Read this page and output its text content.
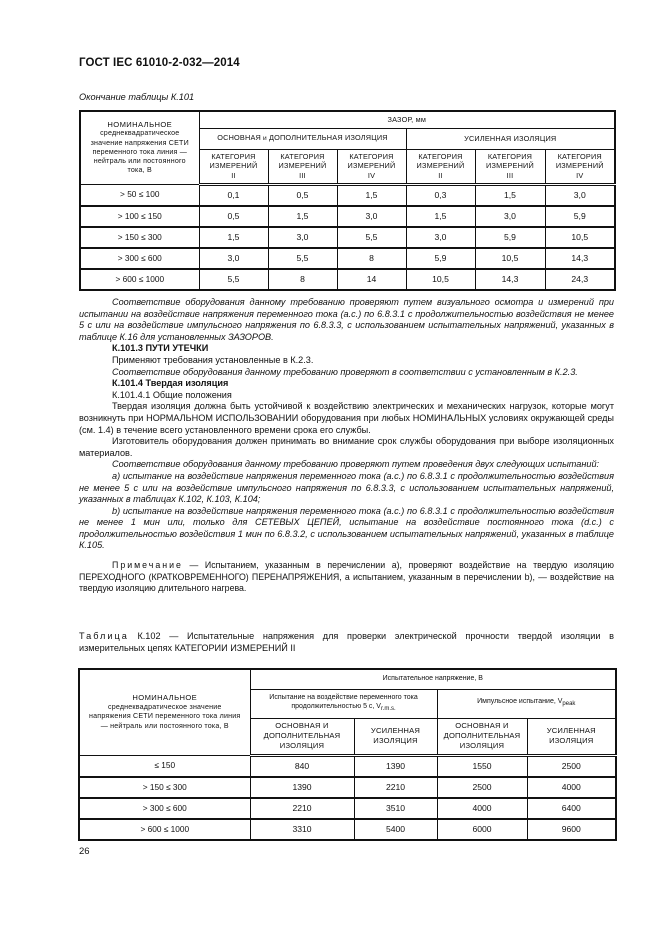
ГОСТ IEC 61010-2-032—2014
Окончание таблицы К.101
НОМИНАЛЬНОЕ
среднеквадратическое значение напряжения СЕТИ переменного тока линия — нейтраль или постоянного тока, В	ЗАЗОР, мм					
	ОСНОВНАЯ и ДОПОЛНИТЕЛЬНАЯ ИЗОЛЯЦИЯ			УСИЛЕННАЯ ИЗОЛЯЦИЯ		

КАТЕГОРИЯ
ИЗМЕРЕНИЙ
II

КАТЕГОРИЯ
ИЗМЕРЕНИЙ
III

КАТЕГОРИЯ
ИЗМЕРЕНИЙ
IV

КАТЕГОРИЯ
ИЗМЕРЕНИЙ
II

КАТЕГОРИЯ
ИЗМЕРЕНИЙ
III

КАТЕГОРИЯ
ИЗМЕРЕНИЙ
IV

> 50 ≤ 100	0,1	0,5	1,5	0,3	1,5	3,0
> 100 ≤ 150	0,5	1,5	3,0	1,5	3,0	5,9
> 150 ≤ 300	1,5	3,0	5,5	3,0	5,9	10,5
> 300 ≤ 600	3,0	5,5	8	5,9	10,5	14,3
> 600 ≤ 1000	5,5	8	14	10,5	14,3	24,3

Соответствие оборудования данному требованию проверяют путем визуального осмотра и измерений при испытании на воздействие напряжения переменного тока (a.c.) по 6.8.3.1 с продолжительностью воздействия не менее 5 с или на воздействие импульсного напряжения по 6.8.3.3, с использованием испытательных напряжений, указанных в таблице К.16 для установленных ЗАЗОРОВ.

К.101.3 ПУТИ УТЕЧКИ

Применяют требования установленные в К.2.3.

Соответствие оборудования данному требованию проверяют в соответствии с установленным в К.2.3.

К.101.4 Твердая изоляция

К.101.4.1 Общие положения

Твердая изоляция должна быть устойчивой к воздействию электрических и механических нагрузок, которые могут возникнуть при НОРМАЛЬНОМ ИСПОЛЬЗОВАНИИ оборудования при любых НОМИНАЛЬНЫХ условиях окружающей среды (см. 1.4) в течение всего установленного времени срока его службы.

Изготовитель оборудования должен принимать во внимание срок службы оборудования при выборе изоляционных материалов.

Соответствие оборудования данному требованию проверяют путем проведения двух следующих испытаний:

a) испытание на воздействие напряжения переменного тока (a.c.) по 6.8.3.1 с продолжительностью воздействия не менее 5 с или на воздействие импульсного напряжения по 6.8.3.3, с использованием испытательных напряжений, указанных в таблицах К.102, К.103, К.104;

b) испытание на воздействие напряжения переменного тока (a.c.) по 6.8.3.1 с продолжительностью воздействия не менее 1 мин или, только для СЕТЕВЫХ ЦЕПЕЙ, испытание на воздействие постоянного тока (d.c.) с продолжительностью воздействия 1 мин по 6.8.3.2, с использованием испытательных напряжений, указанных в таблице К.105.

Примечание — Испытанием, указанным в перечислении а), проверяют воздействие на твердую изоляцию ПЕРЕХОДНОГО (КРАТКОВРЕМЕННОГО) ПЕРЕНАПРЯЖЕНИЯ, а испытанием, указанным в перечислении b), — воздействие на твердую изоляцию длительного нагрева.

Таблица К.102 — Испытательные напряжения для проверки электрической прочности твердой изоляции в измерительных цепях КАТЕГОРИИ ИЗМЕРЕНИЙ II
НОМИНАЛЬНОЕ
среднеквадратическое значение напряжения СЕТИ переменного тока линия — нейтраль или постоянного тока, В	Испытательное напряжение, В			
	Испытание на воздействие переменного тока продолжительностью 5 с, Vr.m.s.		Импульсное испытание, Vpeak	
	ОСНОВНАЯ И ДОПОЛНИТЕЛЬНАЯ ИЗОЛЯЦИЯ	УСИЛЕННАЯ ИЗОЛЯЦИЯ	ОСНОВНАЯ И ДОПОЛНИТЕЛЬНАЯ ИЗОЛЯЦИЯ	УСИЛЕННАЯ ИЗОЛЯЦИЯ
≤ 150	840	1390	1550	2500
> 150 ≤ 300	1390	2210	2500	4000
> 300 ≤ 600	2210	3510	4000	6400
> 600 ≤ 1000	3310	5400	6000	9600
26
